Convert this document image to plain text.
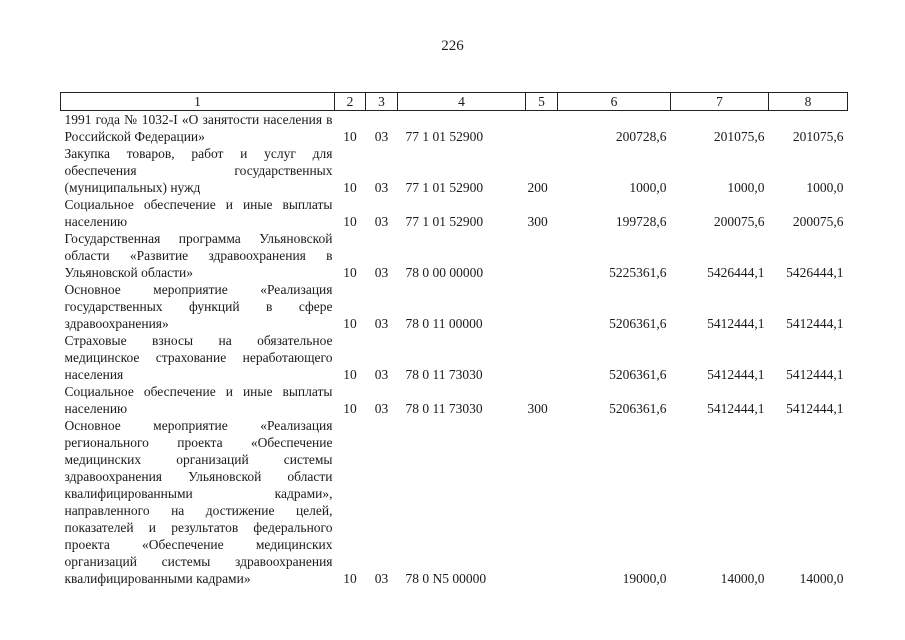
226
1	2	3	4	5	6	7	8
1991 года № 1032-I «О занятости населения в Российской Федерации»	10	03	77 1 01 52900		200728,6	201075,6	201075,6
Закупка товаров, работ и услуг для обеспечения государственных (муниципальных) нужд	10	03	77 1 01 52900	200	1000,0	1000,0	1000,0
Социальное обеспечение и иные выплаты населению	10	03	77 1 01 52900	300	199728,6	200075,6	200075,6
Государственная программа Ульяновской области «Развитие здравоохранения в Ульяновской области»	10	03	78 0 00 00000		5225361,6	5426444,1	5426444,1
Основное мероприятие «Реализация государственных функций в сфере здравоохранения»	10	03	78 0 11 00000		5206361,6	5412444,1	5412444,1
Страховые взносы на обязательное медицинское страхование неработающего населения	10	03	78 0 11 73030		5206361,6	5412444,1	5412444,1
Социальное обеспечение и иные выплаты населению	10	03	78 0 11 73030	300	5206361,6	5412444,1	5412444,1
Основное мероприятие «Реализация регионального проекта «Обеспечение медицинских организаций системы здравоохранения Ульяновской области квалифицированными кадрами», направленного на достижение целей, показателей и результатов федерального проекта «Обеспечение медицинских организаций системы здравоохранения квалифицированными кадрами»	10	03	78 0 N5 00000		19000,0	14000,0	14000,0
